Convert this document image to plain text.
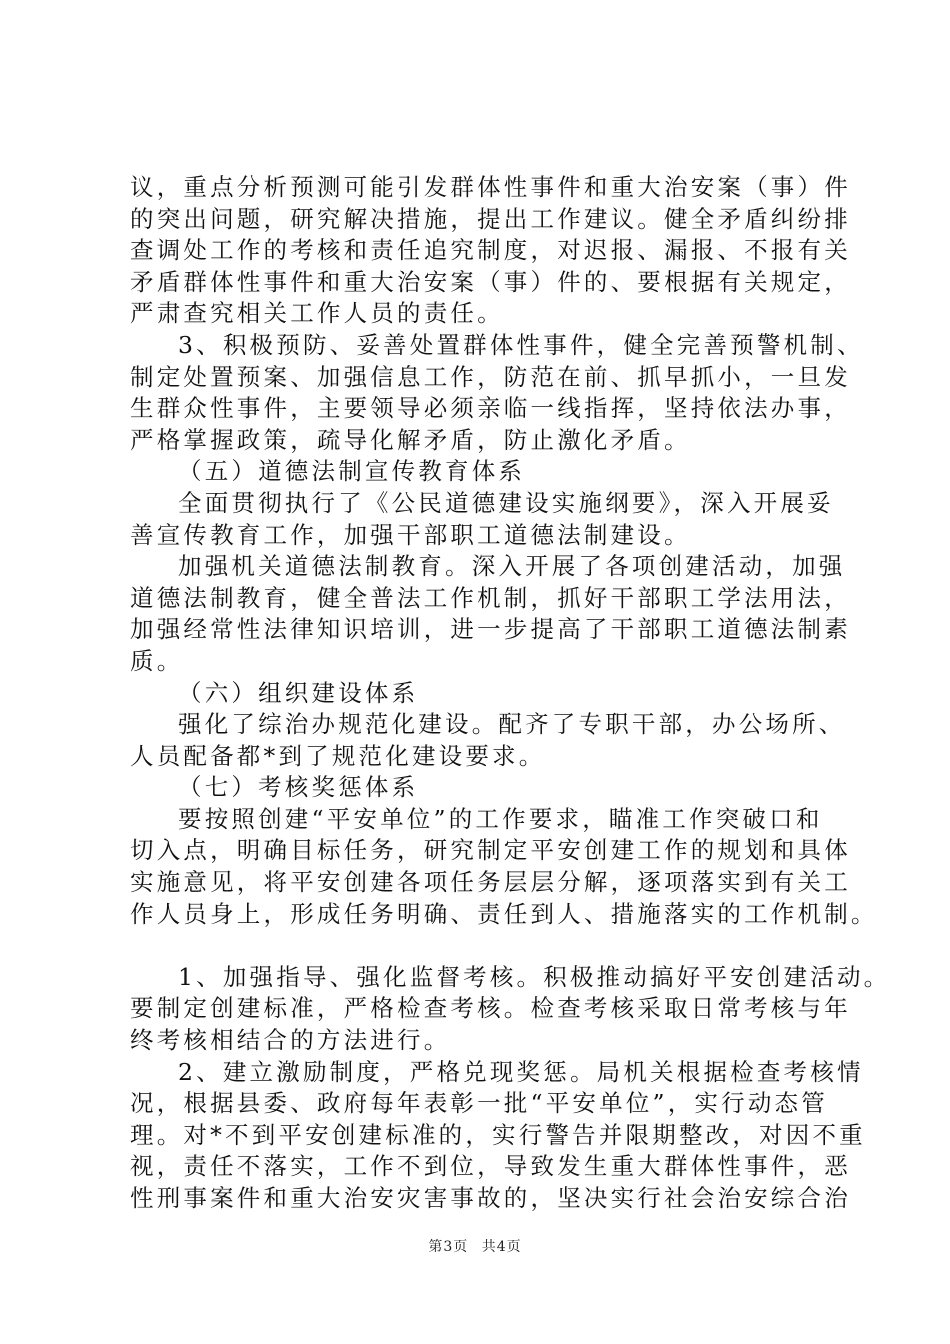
议，重点分析预测可能引发群体性事件和重大治安案（事）件
的突出问题，研究解决措施，提出工作建议。健全矛盾纠纷排
查调处工作的考核和责任追究制度，对迟报、漏报、不报有关
矛盾群体性事件和重大治安案（事）件的、要根据有关规定，
严肃查究相关工作人员的责任。
3、积极预防、妥善处置群体性事件，健全完善预警机制、
制定处置预案、加强信息工作，防范在前、抓早抓小，一旦发
生群众性事件，主要领导必须亲临一线指挥，坚持依法办事，
严格掌握政策，疏导化解矛盾，防止激化矛盾。
（五）道德法制宣传教育体系
全面贯彻执行了《公民道德建设实施纲要》，深入开展妥
善宣传教育工作，加强干部职工道德法制建设。
加强机关道德法制教育。深入开展了各项创建活动，加强
道德法制教育，健全普法工作机制，抓好干部职工学法用法，
加强经常性法律知识培训，进一步提高了干部职工道德法制素
质。
（六）组织建设体系
强化了综治办规范化建设。配齐了专职干部，办公场所、
人员配备都*到了规范化建设要求。
（七）考核奖惩体系
要按照创建“平安单位”的工作要求，瞄准工作突破口和
切入点，明确目标任务，研究制定平安创建工作的规划和具体
实施意见，将平安创建各项任务层层分解，逐项落实到有关工
作人员身上，形成任务明确、责任到人、措施落实的工作机制。
1、加强指导、强化监督考核。积极推动搞好平安创建活动。
要制定创建标准，严格检查考核。检查考核采取日常考核与年
终考核相结合的方法进行。
2、建立激励制度，严格兑现奖惩。局机关根据检查考核情
况，根据县委、政府每年表彰一批“平安单位”，实行动态管
理。对*不到平安创建标准的，实行警告并限期整改，对因不重
视，责任不落实，工作不到位，导致发生重大群体性事件，恶
性刑事案件和重大治安灾害事故的，坚决实行社会治安综合治
第3页 共4页
